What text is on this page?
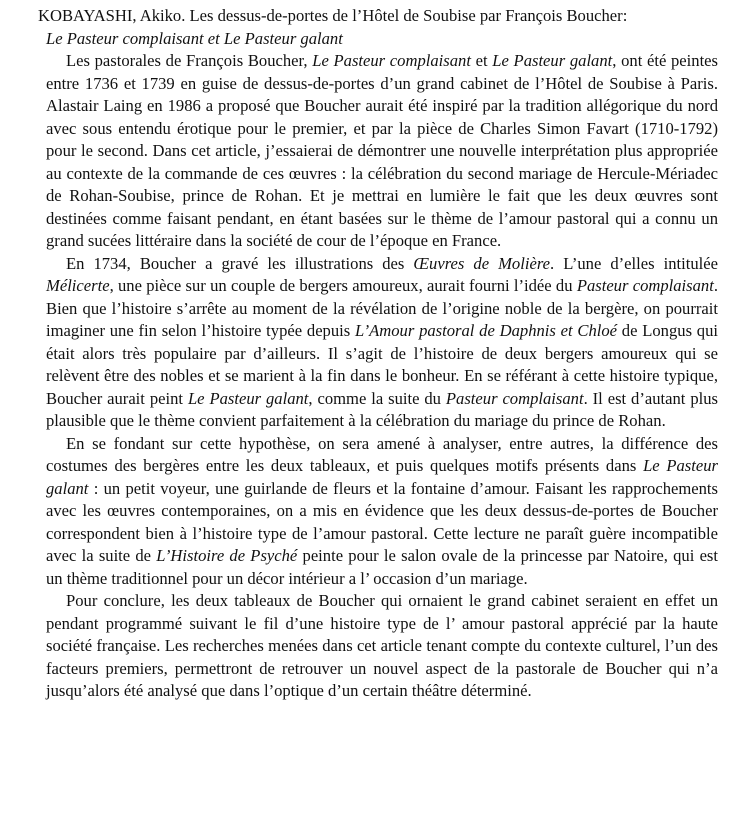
KOBAYASHI, Akiko. Les dessus-de-portes de l’Hôtel de Soubise par François Boucher:
Le Pasteur complaisant et Le Pasteur galant

Les pastorales de François Boucher, Le Pasteur complaisant et Le Pasteur galant, ont été peintes entre 1736 et 1739 en guise de dessus-de-portes d’un grand cabinet de l’Hôtel de Soubise à Paris. Alastair Laing en 1986 a proposé que Boucher aurait été inspiré par la tradition allégorique du nord avec sous entendu érotique pour le premier, et par la pièce de Charles Simon Favart (1710-1792) pour le second. Dans cet article, j’essaierai de démontrer une nouvelle interprétation plus appropriée au contexte de la commande de ces œuvres : la célébration du second mariage de Hercule-Mériadec de Rohan-Soubise, prince de Rohan. Et je mettrai en lumière le fait que les deux œuvres sont destinées comme faisant pendant, en étant basées sur le thème de l’amour pastoral qui a connu un grand sucées littéraire dans la société de cour de l’époque en France.

En 1734, Boucher a gravé les illustrations des Œuvres de Molière. L’une d’elles intitulée Mélicerte, une pièce sur un couple de bergers amoureux, aurait fourni l’idée du Pasteur complaisant. Bien que l’histoire s’arrête au moment de la révélation de l’origine noble de la bergère, on pourrait imaginer une fin selon l’histoire typée depuis L’Amour pastoral de Daphnis et Chloé de Longus qui était alors très populaire par d’ailleurs. Il s’agit de l’histoire de deux bergers amoureux qui se relèvent être des nobles et se marient à la fin dans le bonheur. En se référant à cette histoire typique, Boucher aurait peint Le Pasteur galant, comme la suite du Pasteur complaisant. Il est d’autant plus plausible que le thème convient parfaitement à la célébration du mariage du prince de Rohan.

En se fondant sur cette hypothèse, on sera amené à analyser, entre autres, la différence des costumes des bergères entre les deux tableaux, et puis quelques motifs présents dans Le Pasteur galant : un petit voyeur, une guirlande de fleurs et la fontaine d’amour. Faisant les rapprochements avec les œuvres contemporaines, on a mis en évidence que les deux dessus-de-portes de Boucher correspondent bien à l’histoire type de l’amour pastoral. Cette lecture ne paraît guère incompatible avec la suite de L’Histoire de Psyché peinte pour le salon ovale de la princesse par Natoire, qui est un thème traditionnel pour un décor intérieur a l’ occasion d’un mariage.

Pour conclure, les deux tableaux de Boucher qui ornaient le grand cabinet seraient en effet un pendant programmé suivant le fil d’une histoire type de l’ amour pastoral apprécié par la haute société française. Les recherches menées dans cet article tenant compte du contexte culturel, l’un des facteurs premiers, permettront de retrouver un nouvel aspect de la pastorale de Boucher qui n’a jusqu’alors été analysé que dans l’optique d’un certain théâtre déterminé.
